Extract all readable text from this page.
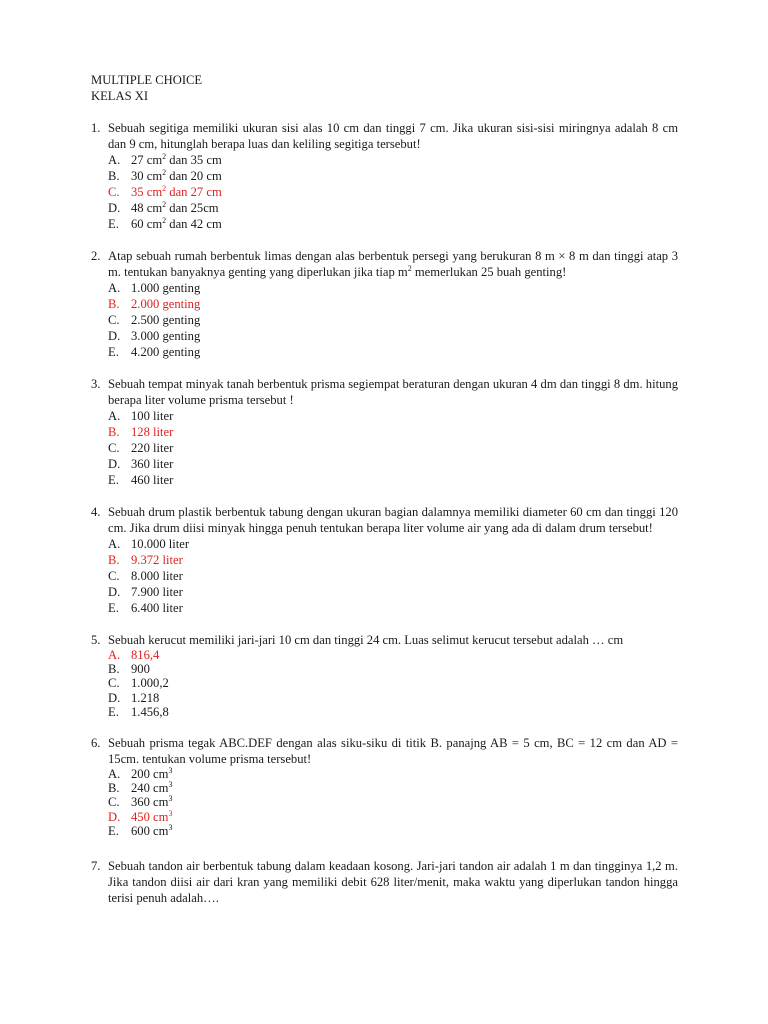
MULTIPLE CHOICE
KELAS XI
1. Sebuah segitiga memiliki ukuran sisi alas 10 cm dan tinggi 7 cm. Jika ukuran sisi-sisi miringnya adalah 8 cm dan 9 cm, hitunglah berapa luas dan keliling segitiga tersebut!
A. 27 $cm^2$ dan 35 cm
B. 30 $cm^2$ dan 20 cm
C. 35 $cm^2$ dan 27 cm
D. 48 $cm^2$ dan 25cm
E. 60 $cm^2$ dan 42 cm
2. Atap sebuah rumah berbentuk limas dengan alas berbentuk persegi yang berukuran 8 m × 8 m dan tinggi atap 3 m. tentukan banyaknya genting yang diperlukan jika tiap $m^2$ memerlukan 25 buah genting!
A. 1.000 genting
B. 2.000 genting
C. 2.500 genting
D. 3.000 genting
E. 4.200 genting
3. Sebuah tempat minyak tanah berbentuk prisma segiempat beraturan dengan ukuran 4 dm dan tinggi 8 dm. hitung berapa liter volume prisma tersebut !
A. 100 liter
B. 128 liter
C. 220 liter
D. 360 liter
E. 460 liter
4. Sebuah drum plastik berbentuk tabung dengan ukuran bagian dalamnya memiliki diameter 60 cm dan tinggi 120 cm. Jika drum diisi minyak hingga penuh tentukan berapa liter volume air yang ada di dalam drum tersebut!
A. 10.000 liter
B. 9.372 liter
C. 8.000 liter
D. 7.900 liter
E. 6.400 liter
5. Sebuah kerucut memiliki jari-jari 10 cm dan tinggi 24 cm. Luas selimut kerucut tersebut adalah … cm
A. 816,4
B. 900
C. 1.000,2
D. 1.218
E. 1.456,8
6. Sebuah prisma tegak ABC.DEF dengan alas siku-siku di titik B. panajng AB = 5 cm, BC = 12 cm dan AD = 15cm. tentukan volume prisma tersebut!
A. 200 $cm^3$
B. 240 $cm^3$
C. 360 $cm^3$
D. 450 $cm^3$
E. 600 $cm^3$
7. Sebuah tandon air berbentuk tabung dalam keadaan kosong. Jari-jari tandon air adalah 1 m dan tingginya 1,2 m. Jika tandon diisi air dari kran yang memiliki debit 628 liter/menit, maka waktu yang diperlukan tandon hingga terisi penuh adalah….
